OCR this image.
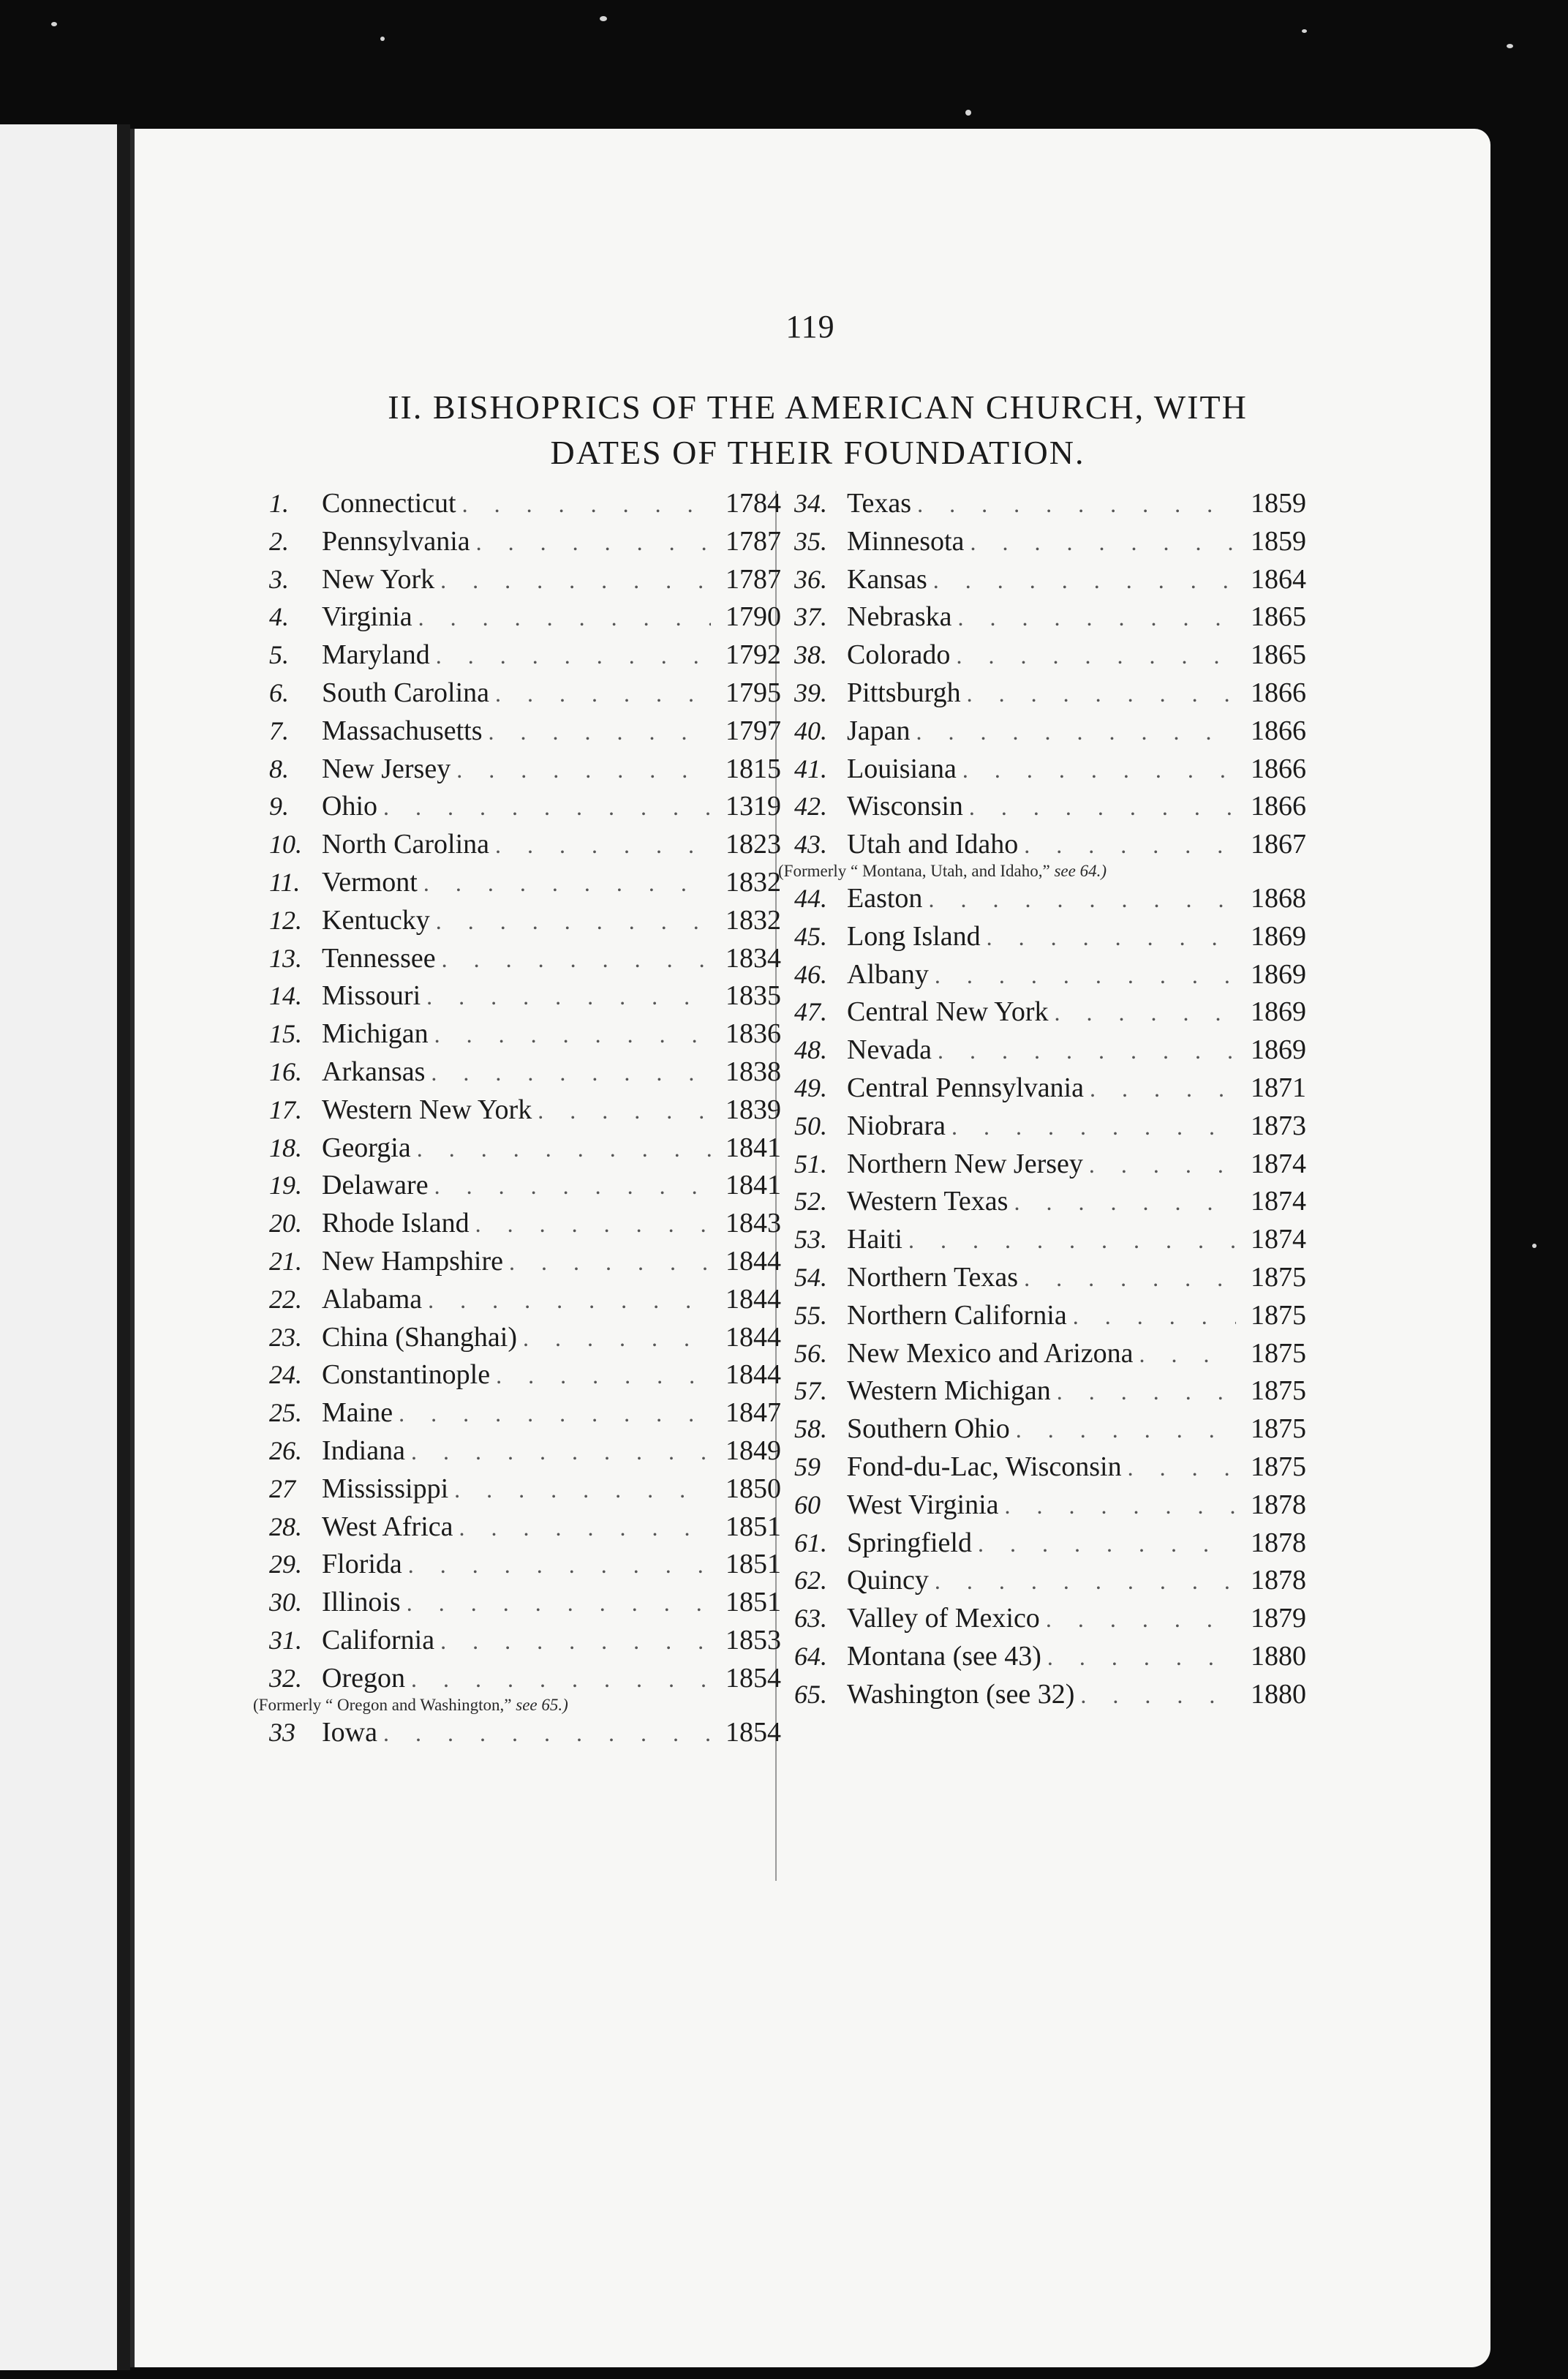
119
II. BISHOPRICS OF THE AMERICAN CHURCH, WITH
DATES OF THEIR FOUNDATION.
1.	Connecticut . . .	1784
2.	Pennsylvania . . .	1787
3.	New York . . .	1787
4.	Virginia . . .	1790
5.	Maryland . . .	1792
6.	South Carolina . . .	1795
7.	Massachusetts . . .	1797
8.	New Jersey . . .	1815
9.	Ohio . . .	1319
10. North Carolina . . .	1823
11. Vermont . . .	1832
12. Kentucky . . .	1832
13. Tennessee . . .	1834
14. Missouri . . .	1835
15. Michigan . . .	1836
16. Arkansas . . .	1838
17. Western New York . . .	1839
18. Georgia . . .	1841
19. Delaware . . .	1841
20. Rhode Island . . .	1843
21. New Hampshire . . .	1844
22. Alabama . . .	1844
23. China (Shanghai) . . .	1844
24. Constantinople . . .	1844
25. Maine . . .	1847
26. Indiana . . .	1849
27 Mississippi . . .	1850
28. West Africa . . .	1851
29. Florida . . .	1851
30. Illinois . . .	1851
31. California . . .	1853
32. Oregon . . .	1854
(Formerly “ Oregon and Washington,” see 65.)
33 Iowa . . .	1854
34. Texas . . .	1859
35. Minnesota . . .	1859
36. Kansas . . .	1864
37. Nebraska . . .	1865
38. Colorado . . .	1865
39. Pittsburgh . . .	1866
40. Japan . . .	1866
41. Louisiana . . .	1866
42. Wisconsin . . .	1866
43. Utah and Idaho . . .	1867
(Formerly “ Montana, Utah, and Idaho,” see 64.)
44. Easton . . .	1868
45. Long Island . . .	1869
46. Albany . . .	1869
47. Central New York . . .	1869
48. Nevada . . .	1869
49. Central Pennsylvania . . .	1871
50. Niobrara . . .	1873
51. Northern New Jersey . . .	1874
52. Western Texas . . .	1874
53. Haiti . . .	1874
54. Northern Texas . . .	1875
55. Northern California . . .	1875
56. New Mexico and Arizona . . .	1875
57. Western Michigan . . .	1875
58. Southern Ohio . . .	1875
59 Fond-du-Lac, Wisconsin . . .	1875
60 West Virginia . . .	1878
61. Springfield . . .	1878
62. Quincy . . .	1878
63. Valley of Mexico . . .	1879
64. Montana (see 43) . . .	1880
65. Washington (see 32) . . .	1880
